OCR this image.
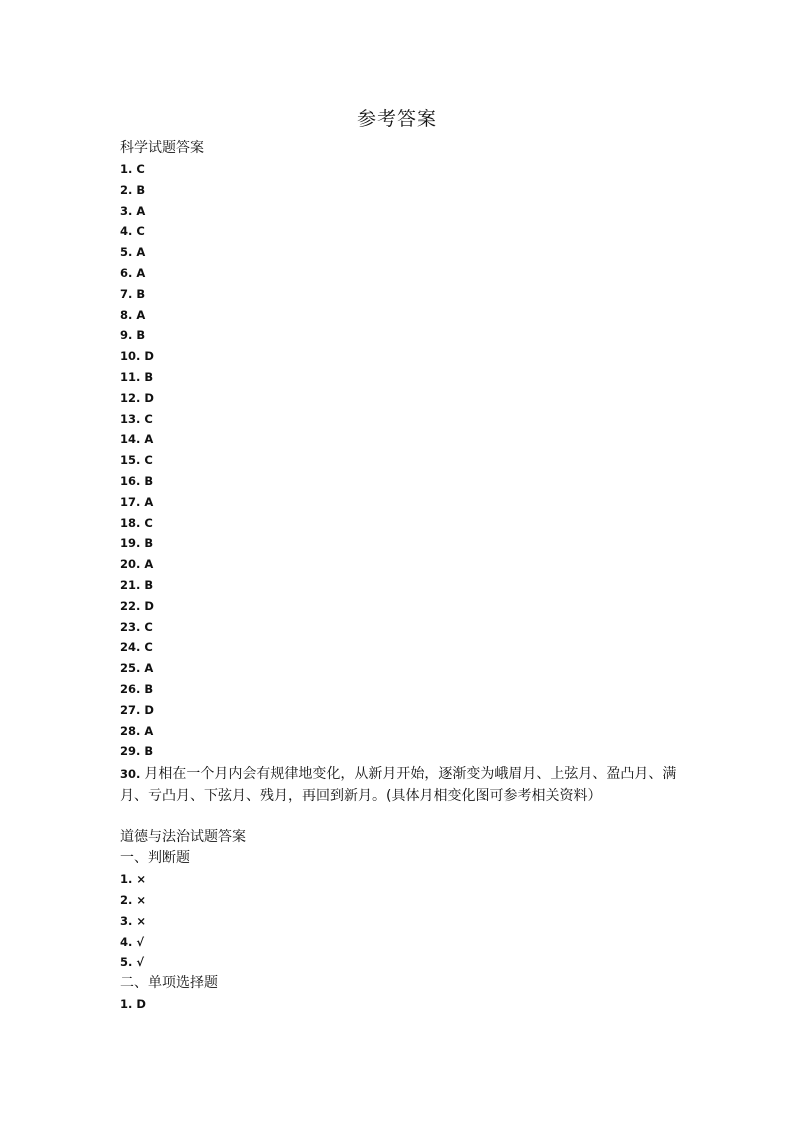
参考答案
科学试题答案
1. C
2. B
3. A
4. C
5. A
6. A
7. B
8. A
9. B
10. D
11. B
12. D
13. C
14. A
15. C
16. B
17. A
18. C
19. B
20. A
21. B
22. D
23. C
24. C
25. A
26. B
27. D
28. A
29. B
30. 月相在一个月内会有规律地变化，从新月开始，逐渐变为峨眉月、上弦月、盈凸月、满月、亏凸月、下弦月、残月，再回到新月。(具体月相变化图可参考相关资料）
道德与法治试题答案
一、判断题
1. ×
2. ×
3. ×
4. √
5. √
二、单项选择题
1. D
